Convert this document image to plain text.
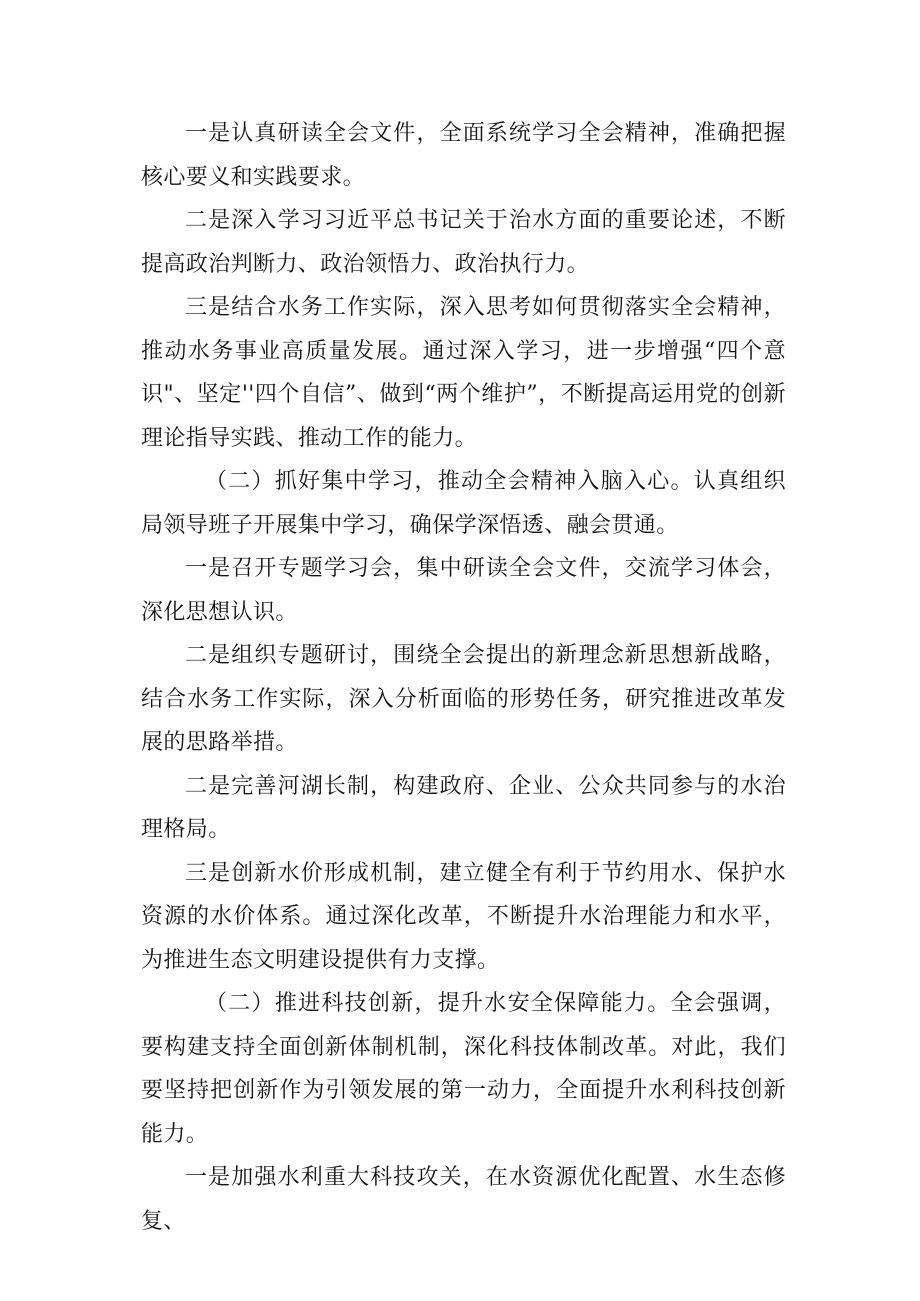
一是认真研读全会文件，全面系统学习全会精神，准确把握核心要义和实践要求。

二是深入学习习近平总书记关于治水方面的重要论述，不断提高政治判断力、政治领悟力、政治执行力。

三是结合水务工作实际，深入思考如何贯彻落实全会精神，推动水务事业高质量发展。通过深入学习，进一步增强“四个意识"、坚定''四个自信”、做到“两个维护”，不断提高运用党的创新理论指导实践、推动工作的能力。

（二）抓好集中学习，推动全会精神入脑入心。认真组织局领导班子开展集中学习，确保学深悟透、融会贯通。

一是召开专题学习会，集中研读全会文件，交流学习体会，深化思想认识。

二是组织专题研讨，围绕全会提出的新理念新思想新战略，结合水务工作实际，深入分析面临的形势任务，研究推进改革发展的思路举措。

二是完善河湖长制，构建政府、企业、公众共同参与的水治理格局。

三是创新水价形成机制，建立健全有利于节约用水、保护水资源的水价体系。通过深化改革，不断提升水治理能力和水平，为推进生态文明建设提供有力支撑。

（二）推进科技创新，提升水安全保障能力。全会强调，要构建支持全面创新体制机制，深化科技体制改革。对此，我们要坚持把创新作为引领发展的第一动力，全面提升水利科技创新能力。

一是加强水利重大科技攻关，在水资源优化配置、水生态修复、
